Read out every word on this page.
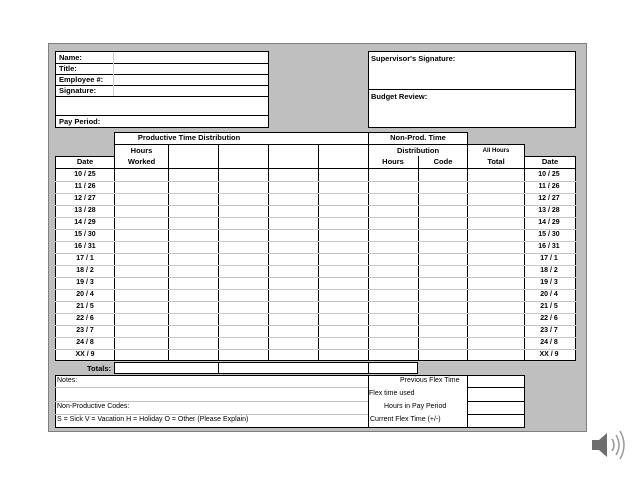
Name:
Title:
Employee #:
Signature:
Pay Period:
Supervisor's Signature:
Budget Review:
Productive Time Distribution	Non-Prod. Time
Hours
Worked
Distribution
Hours	Code
All Hours
Total
Date	Date
Totals:
Notes:
Non-Productive Codes:
S = Sick V = Vacation H = Holiday O = Other (Please Explain)
Previous Flex Time
Flex time used
Hours in Pay Period
Current Flex Time (+/-)
10 / 25	10 / 25
11 / 26	11 / 26
12 / 27	12 / 27
13 / 28	13 / 28
14 / 29	14 / 29
15 / 30	15 / 30
16 / 31	16 / 31
17 / 1	17 / 1
18 / 2	18 / 2
19 / 3	19 / 3
20 / 4	20 / 4
21 / 5	21 / 5
22 / 6	22 / 6
23 / 7	23 / 7
24 / 8	24 / 8
XX / 9	XX / 9
